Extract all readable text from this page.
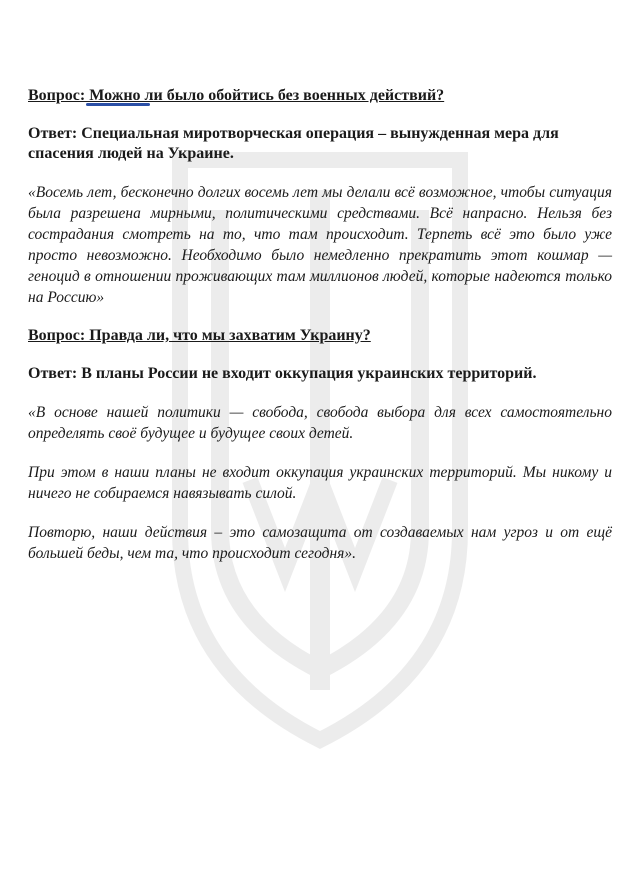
Вопрос: Можно ли было обойтись без военных действий?

Ответ: Специальная миротворческая операция – вынужденная мера для спасения людей на Украине.

«Восемь лет, бесконечно долгих восемь лет мы делали всё возможное, чтобы ситуация была разрешена мирными, политическими средствами. Всё напрасно. Нельзя без сострадания смотреть на то, что там происходит. Терпеть всё это было уже просто невозможно. Необходимо было немедленно прекратить этот кошмар — геноцид в отношении проживающих там миллионов людей, которые надеются только на Россию»

Вопрос: Правда ли, что мы захватим Украину?

Ответ: В планы России не входит оккупация украинских территорий.

«В основе нашей политики — свобода, свобода выбора для всех самостоятельно определять своё будущее и будущее своих детей.

При этом в наши планы не входит оккупация украинских территорий. Мы никому и ничего не собираемся навязывать силой.

Повторю, наши действия – это самозащита от создаваемых нам угроз и от ещё большей беды, чем та, что происходит сегодня».
